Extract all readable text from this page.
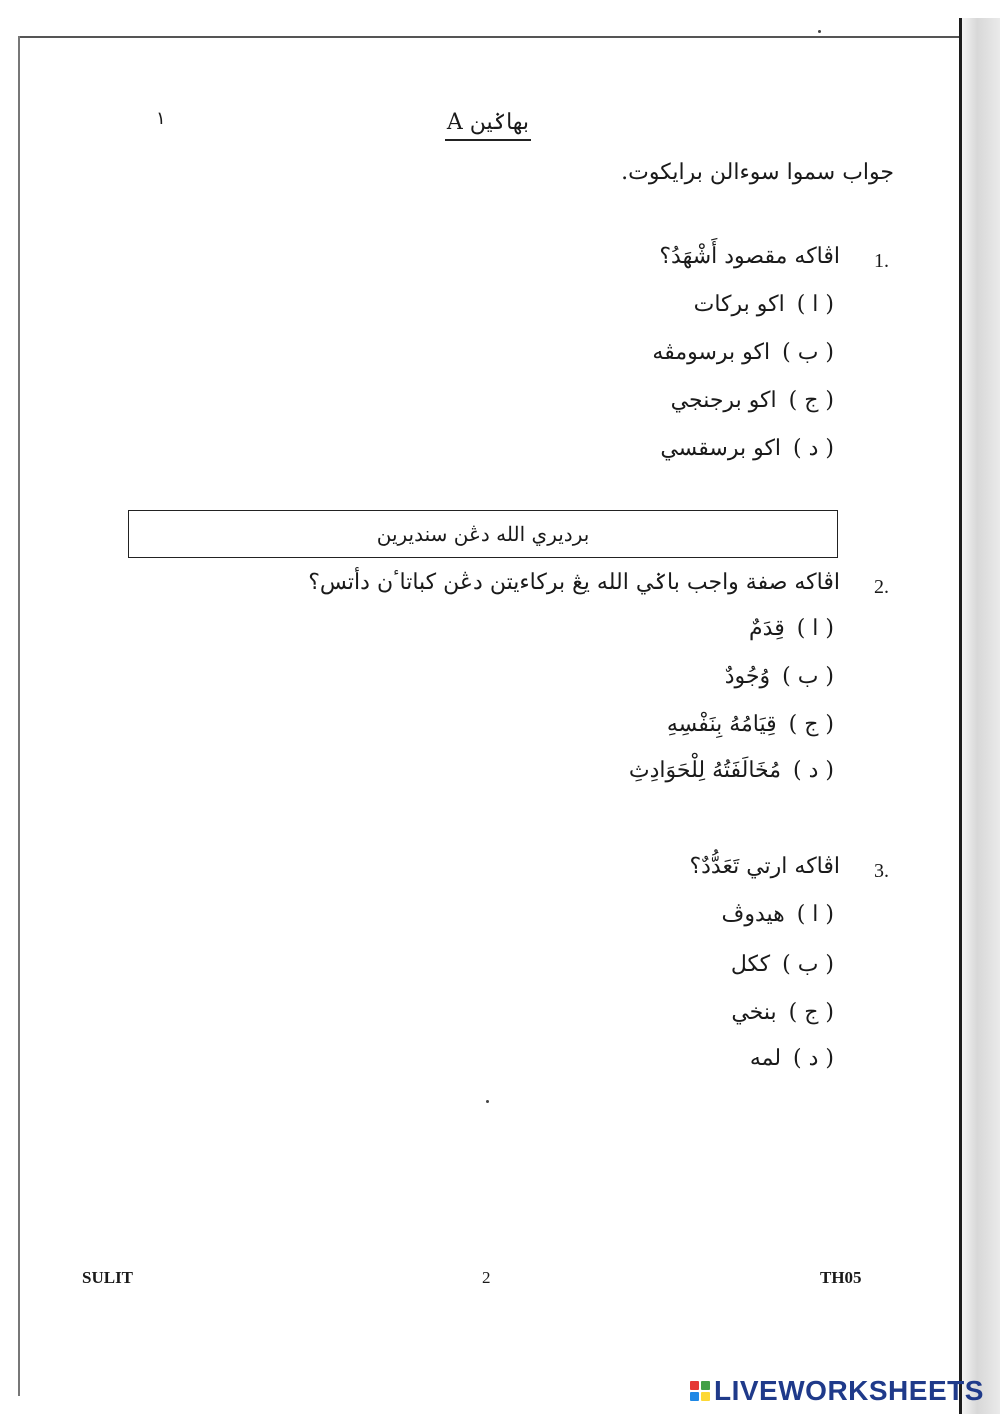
١	بهاݢين A
جواب سموا سوءالن برايكوت.
1.
اڤاكه مقصود أَشْهَدُ؟
( ا )اکو برکات
( ب )اکو برسومڤه
( ج )اکو برجنجي
( د )اکو برسقسي
برديري الله دڠن سنديرين
2.
اڤاكه صفة واجب باݢي الله يڠ برکاءيتن دڠن کباتاٴن دأتس؟
( ا )قِدَمٌ
( ب )وُجُودٌ
( ج )قِيَامُهُ بِنَفْسِهِ
( د )مُخَالَفَتُهُ لِلْحَوَادِثِ
3.
اڤاكه ارتي تَعَدُّدٌ؟
( ا )هيدوڤ
( ب )ککل
( ج )بنخي
( د )لمه
SULIT	2	TH05
LIVEWORKSHEETS
